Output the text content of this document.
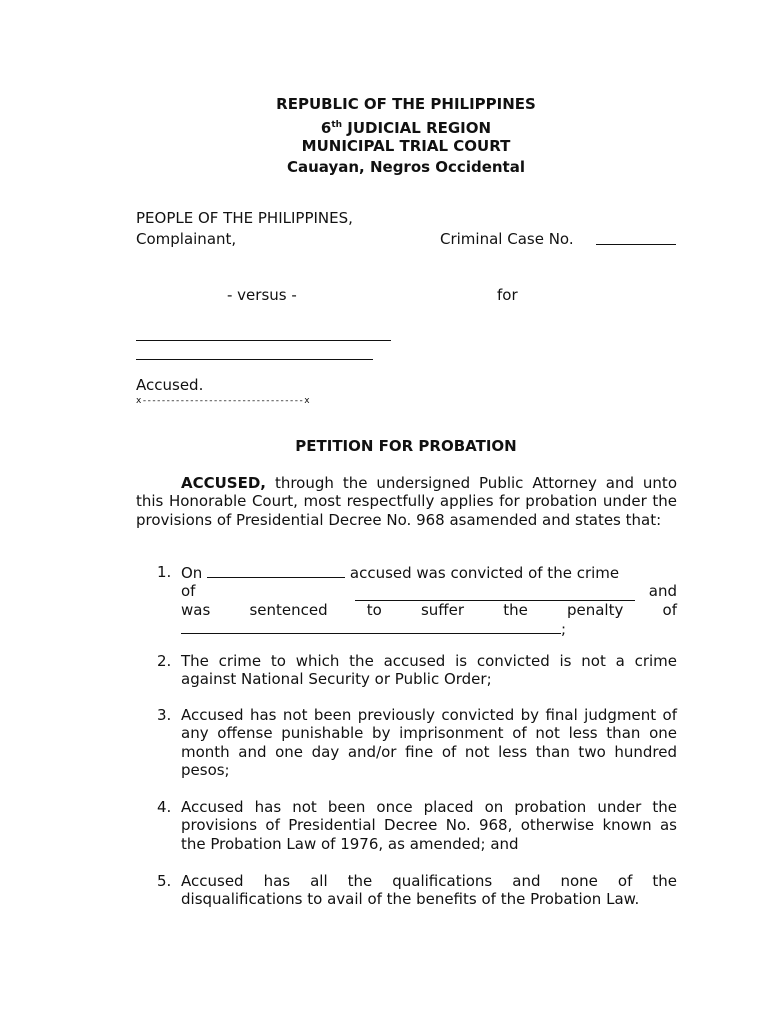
REPUBLIC OF THE PHILIPPINES
6th JUDICIAL REGION
MUNICIPAL TRIAL COURT
Cauayan, Negros Occidental
PEOPLE OF THE PHILIPPINES,
Complainant,	Criminal Case No.
- versus -	for
Accused.
x----------------------------------x
PETITION FOR PROBATION
ACCUSED, through the undersigned Public Attorney and unto this Honorable Court, most respectfully applies for probation under the provisions of Presidential Decree No. 968 asamended and states that:
1. On	accused was convicted of the crime
of	and
was	sentenced	to	suffer	the	penalty	of
;
2. The crime to which the accused is convicted is not a crime against National Security or Public Order;
3. Accused has not been previously convicted by final judgment of any offense punishable by imprisonment of not less than one month and one day and/or fine of not less than two hundred pesos;
4. Accused has not been once placed on probation under the provisions of Presidential Decree No. 968, otherwise known as the Probation Law of 1976, as amended; and
5. Accused has all the qualifications and none of the disqualifications to avail of the benefits of the Probation Law.
